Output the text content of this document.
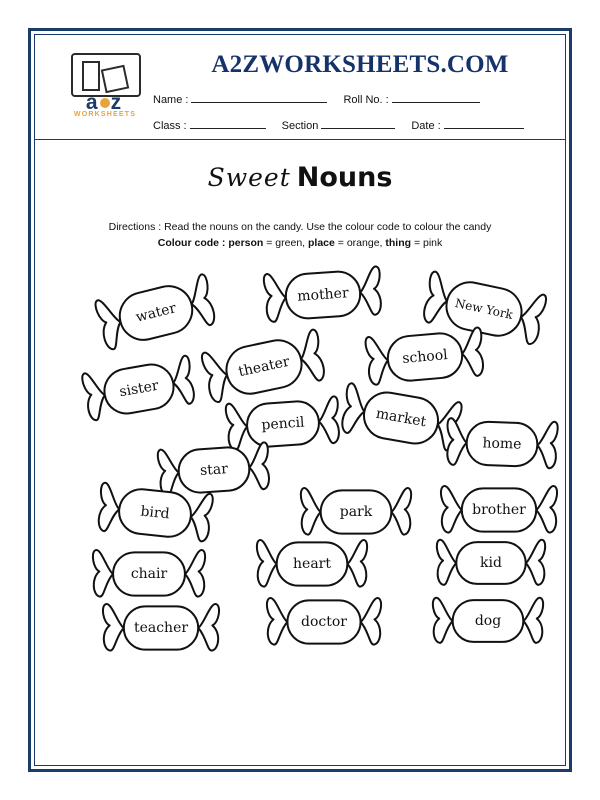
a z
WORKSHEETS
A2ZWORKSHEETS.COM
Name :	Roll No. :
Class :	Section	Date :
Sweet Nouns
Directions : Read the nouns on the candy. Use the colour code to colour the candy
Colour code : person = green, place = orange, thing = pink
water
mother
New York
theater	school
sister
pencil	market
home
star
park	brother
bird
heart	kid
chair
doctor	dog
teacher
